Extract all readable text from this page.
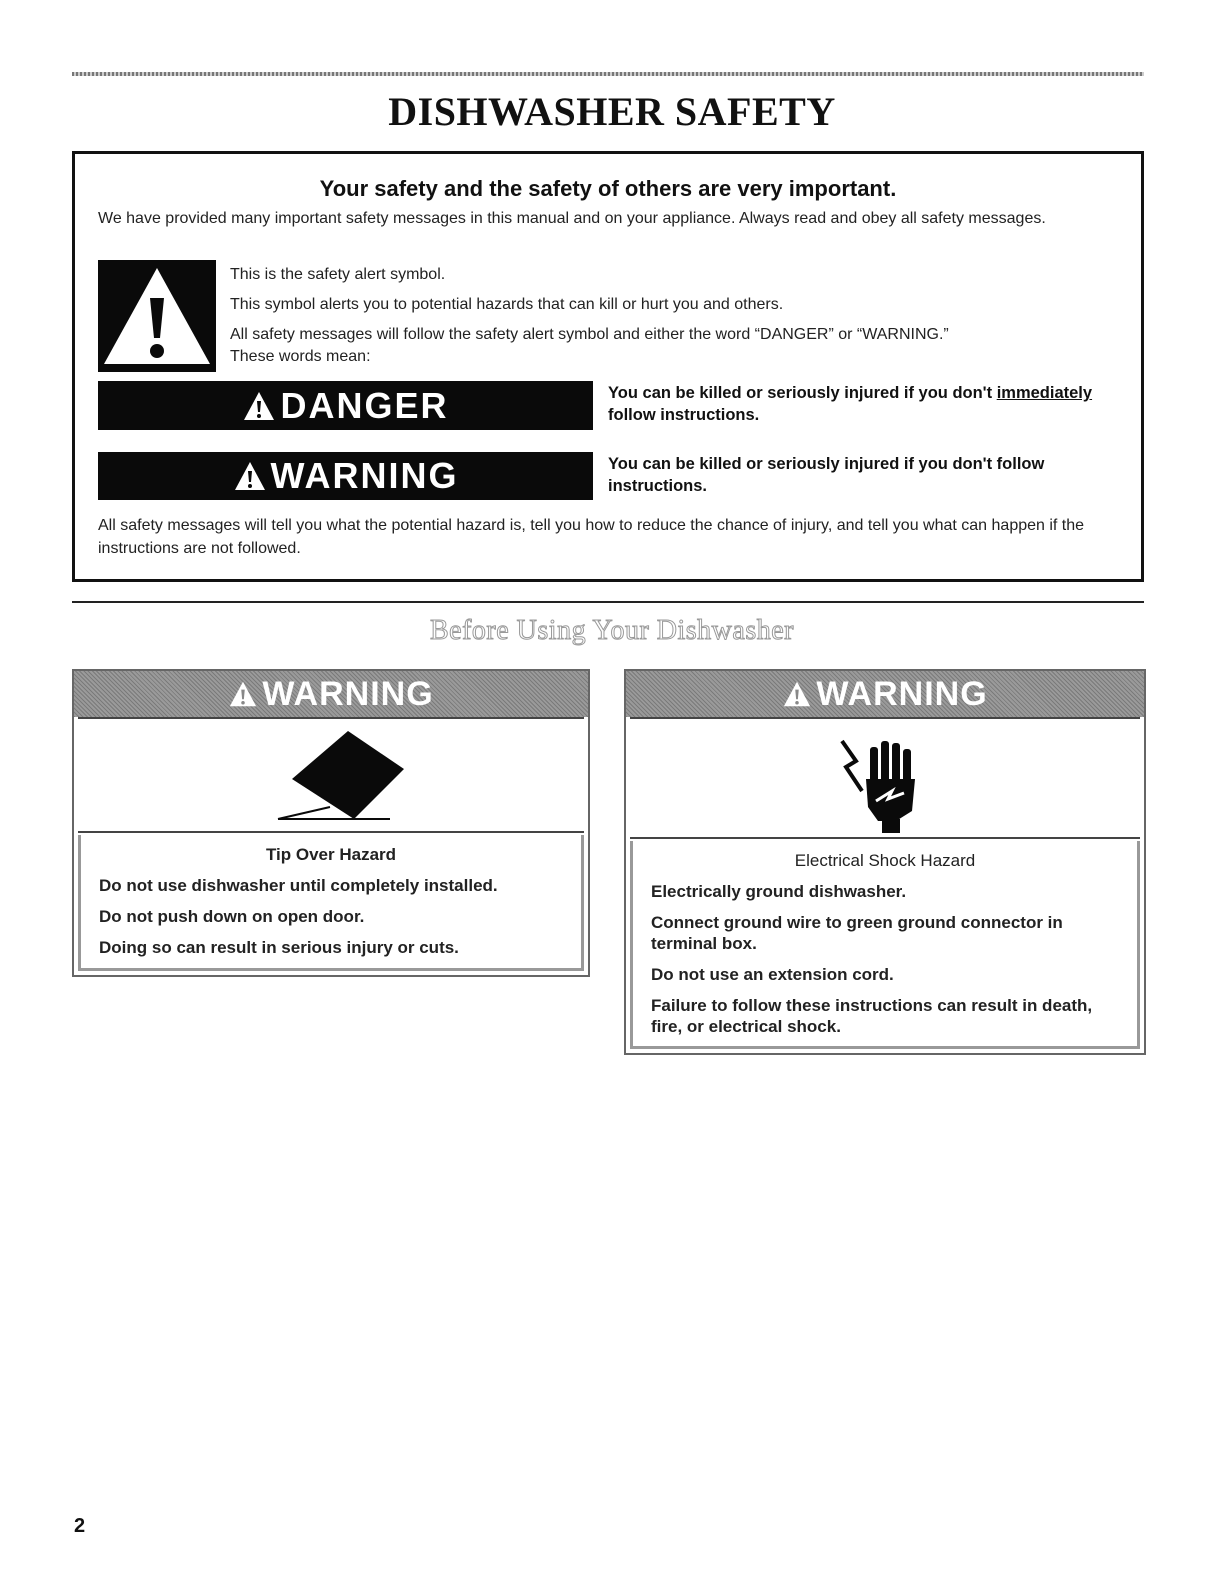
DISHWASHER SAFETY
Your safety and the safety of others are very important.
We have provided many important safety messages in this manual and on your appliance. Always read and obey all safety messages.
This is the safety alert symbol.
This symbol alerts you to potential hazards that can kill or hurt you and others.
All safety messages will follow the safety alert symbol and either the word “DANGER” or “WARNING.”
These words mean:
DANGER	You can be killed or seriously injured if you don't immediately follow instructions.
WARNING	You can be killed or seriously injured if you don't follow instructions.
All safety messages will tell you what the potential hazard is, tell you how to reduce the chance of injury, and tell you what can happen if the instructions are not followed.
Before Using Your Dishwasher
WARNING
Tip Over Hazard
Do not use dishwasher until completely installed.
Do not push down on open door.
Doing so can result in serious injury or cuts.
WARNING
Electrical Shock Hazard
Electrically ground dishwasher.
Connect ground wire to green ground connector in terminal box.
Do not use an extension cord.
Failure to follow these instructions can result in death, fire, or electrical shock.
2
